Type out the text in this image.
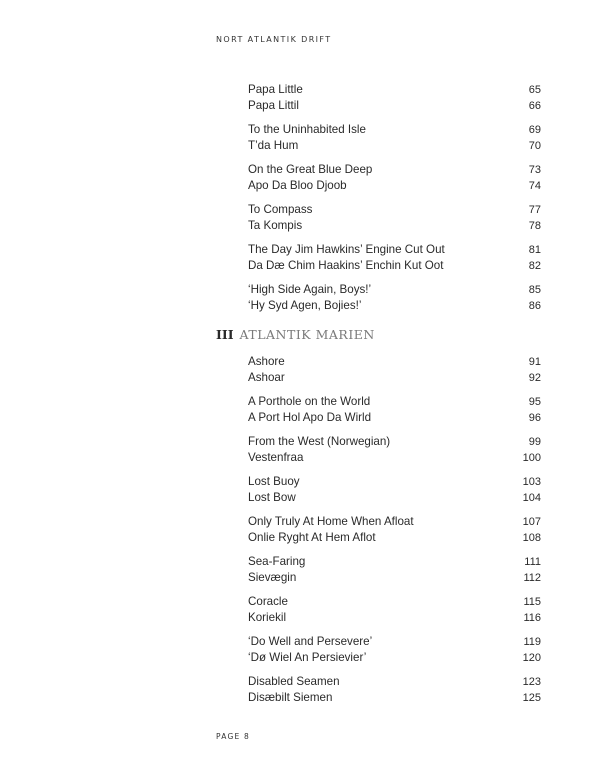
NORT ATLANTIK DRIFT
Papa Little	65
Papa Littil	66
To the Uninhabited Isle	69
T’da Hum	70
On the Great Blue Deep	73
Apo Da Bloo Djoob	74
To Compass	77
Ta Kompis	78
The Day Jim Hawkins’ Engine Cut Out	81
Da Dæ Chim Haakins’ Enchin Kut Oot	82
‘High Side Again, Boys!’	85
‘Hy Syd Agen, Bojies!’	86
III ATLANTIK MARIEN
Ashore	91
Ashoar	92
A Porthole on the World	95
A Port Hol Apo Da Wirld	96
From the West (Norwegian)	99
Vestenfraa	100
Lost Buoy	103
Lost Bow	104
Only Truly At Home When Afloat	107
Onlie Ryght At Hem Aflot	108
Sea-Faring	111
Sievægin	112
Coracle	115
Koriekil	116
‘Do Well and Persevere’	119
‘Dø Wiel An Persievier’	120
Disabled Seamen	123
Disæbilt Siemen	125
PAGE 8
